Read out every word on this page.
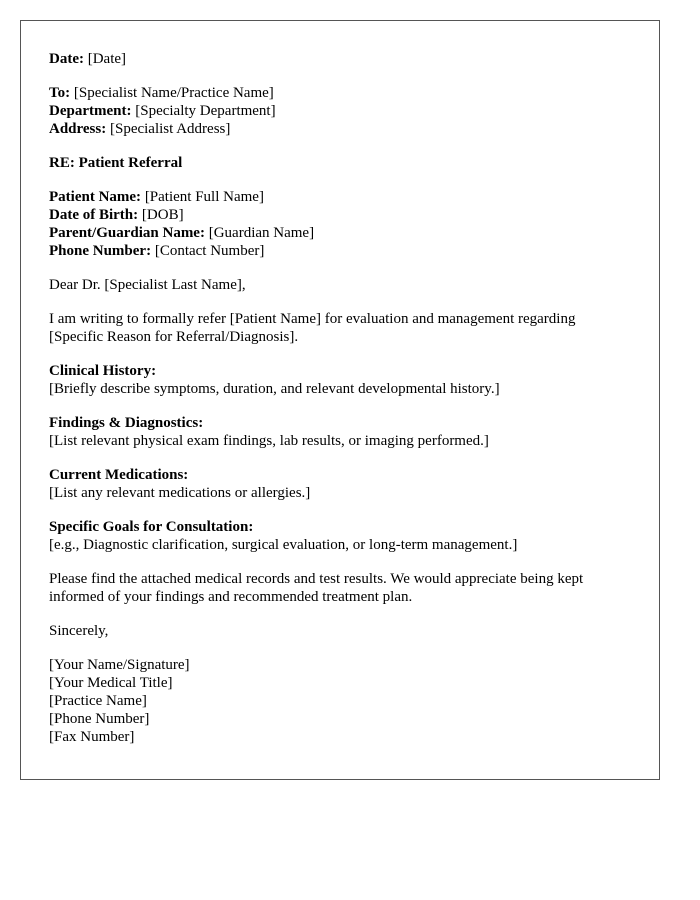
Date: [Date]
To: [Specialist Name/Practice Name]
Department: [Specialty Department]
Address: [Specialist Address]
RE: Patient Referral
Patient Name: [Patient Full Name]
Date of Birth: [DOB]
Parent/Guardian Name: [Guardian Name]
Phone Number: [Contact Number]
Dear Dr. [Specialist Last Name],
I am writing to formally refer [Patient Name] for evaluation and management regarding [Specific Reason for Referral/Diagnosis].
Clinical History:
[Briefly describe symptoms, duration, and relevant developmental history.]
Findings & Diagnostics:
[List relevant physical exam findings, lab results, or imaging performed.]
Current Medications:
[List any relevant medications or allergies.]
Specific Goals for Consultation:
[e.g., Diagnostic clarification, surgical evaluation, or long-term management.]
Please find the attached medical records and test results. We would appreciate being kept informed of your findings and recommended treatment plan.
Sincerely,
[Your Name/Signature]
[Your Medical Title]
[Practice Name]
[Phone Number]
[Fax Number]
